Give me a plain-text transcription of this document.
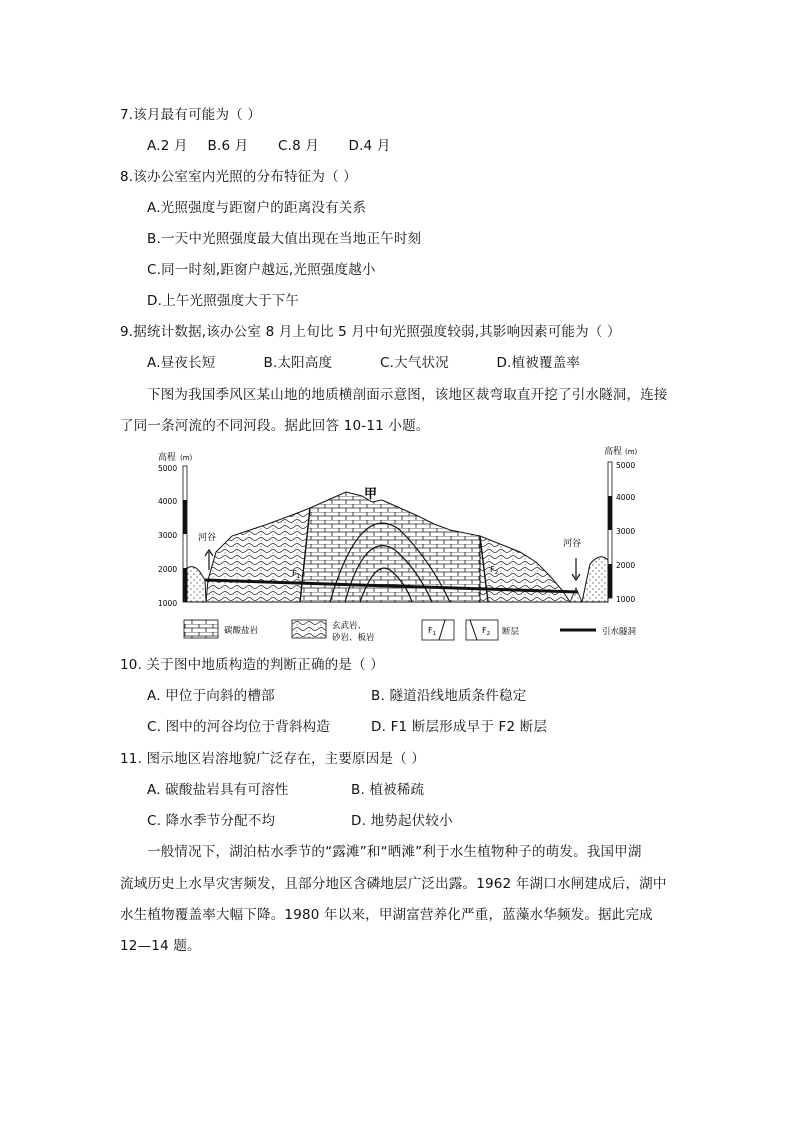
7.该月最有可能为（ ）
A.2 月 B.6 月 C.8 月 D.4 月
8.该办公室室内光照的分布特征为（ ）
A.光照强度与距窗户的距离没有关系
B.一天中光照强度最大值出现在当地正午时刻
C.同一时刻,距窗户越远,光照强度越小
D.上午光照强度大于下午
9.据统计数据,该办公室 8 月上旬比 5 月中旬光照强度较弱,其影响因素可能为（ ）
A.昼夜长短	B.太阳高度	C.大气状况	D.植被覆盖率
下图为我国季风区某山地的地质横剖面示意图，该地区裁弯取直开挖了引水隧洞，连接
了同一条河流的不同河段。据此回答 10-11 小题。
高程 (m)
5000
4000
3000
2000
1000
高程 (m)
5000
4000
3000
2000
1000
甲
河谷
河谷
$F_1$
$F_2$
碳酸盐岩	玄武岩、
砂岩、板岩
$F_1$	$F_2$ 断层	引水隧洞
10. 关于图中地质构造的判断正确的是（ ）
A. 甲位于向斜的槽部	B. 隧道沿线地质条件稳定
C. 图中的河谷均位于背斜构造	D. F1 断层形成早于 F2 断层
11. 图示地区岩溶地貌广泛存在，主要原因是（ ）
A. 碳酸盐岩具有可溶性	B. 植被稀疏
C. 降水季节分配不均	D. 地势起伏较小
一般情况下，湖泊枯水季节的“露滩”和“晒滩”利于水生植物种子的萌发。我国甲湖
流域历史上水旱灾害频发，且部分地区含磷地层广泛出露。1962 年湖口水闸建成后，湖中
水生植物覆盖率大幅下降。1980 年以来，甲湖富营养化严重，蓝藻水华频发。据此完成
12—14 题。
